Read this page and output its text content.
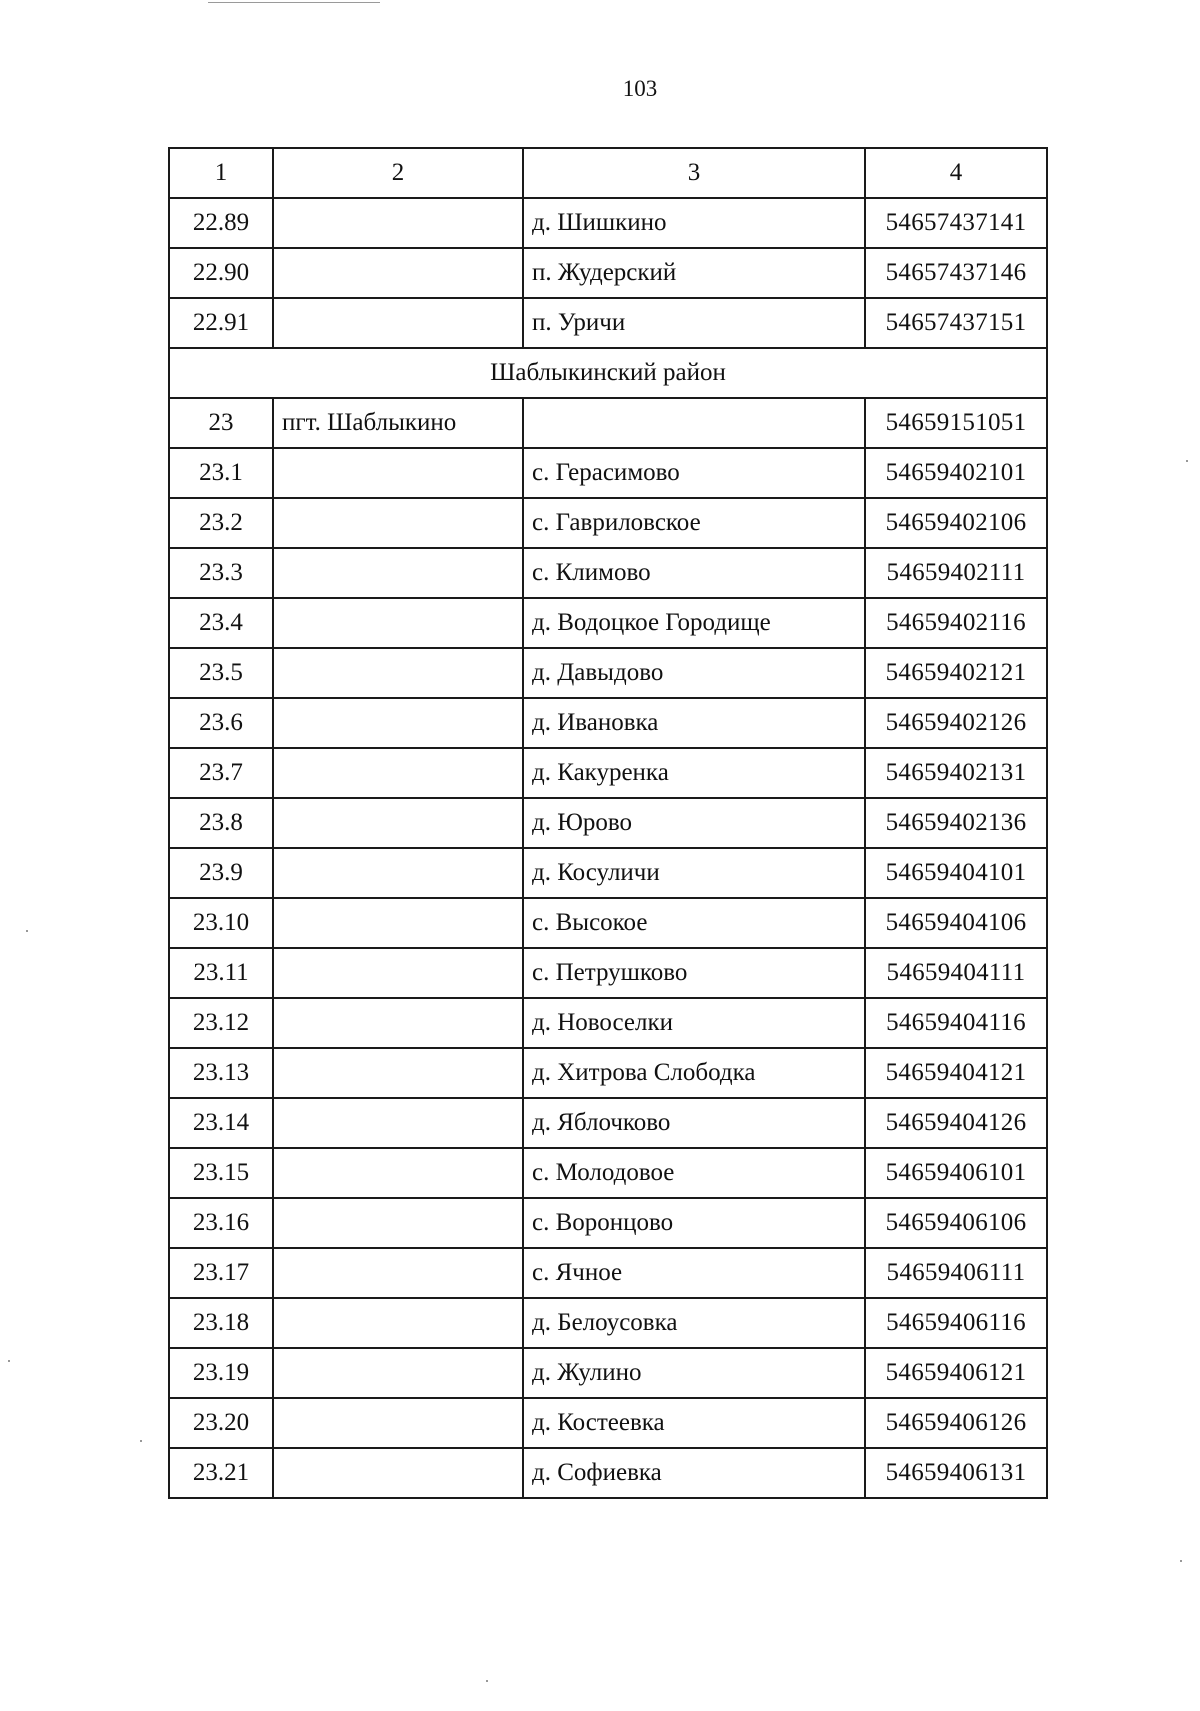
103
1	2	3	4
22.89		д. Шишкино	54657437141
22.90		п. Жудерский	54657437146
22.91		п. Уричи	54657437151
Шаблыкинский район			
23	пгт. Шаблыкино		54659151051
23.1		с. Герасимово	54659402101
23.2		с. Гавриловское	54659402106
23.3		с. Климово	54659402111
23.4		д. Водоцкое Городище	54659402116
23.5		д. Давыдово	54659402121
23.6		д. Ивановка	54659402126
23.7		д. Какуренка	54659402131
23.8		д. Юрово	54659402136
23.9		д. Косуличи	54659404101
23.10		с. Высокое	54659404106
23.11		с. Петрушково	54659404111
23.12		д. Новоселки	54659404116
23.13		д. Хитрова Слободка	54659404121
23.14		д. Яблочково	54659404126
23.15		с. Молодовое	54659406101
23.16		с. Воронцово	54659406106
23.17		с. Ячное	54659406111
23.18		д. Белоусовка	54659406116
23.19		д. Жулино	54659406121
23.20		д. Костеевка	54659406126
23.21		д. Софиевка	54659406131
